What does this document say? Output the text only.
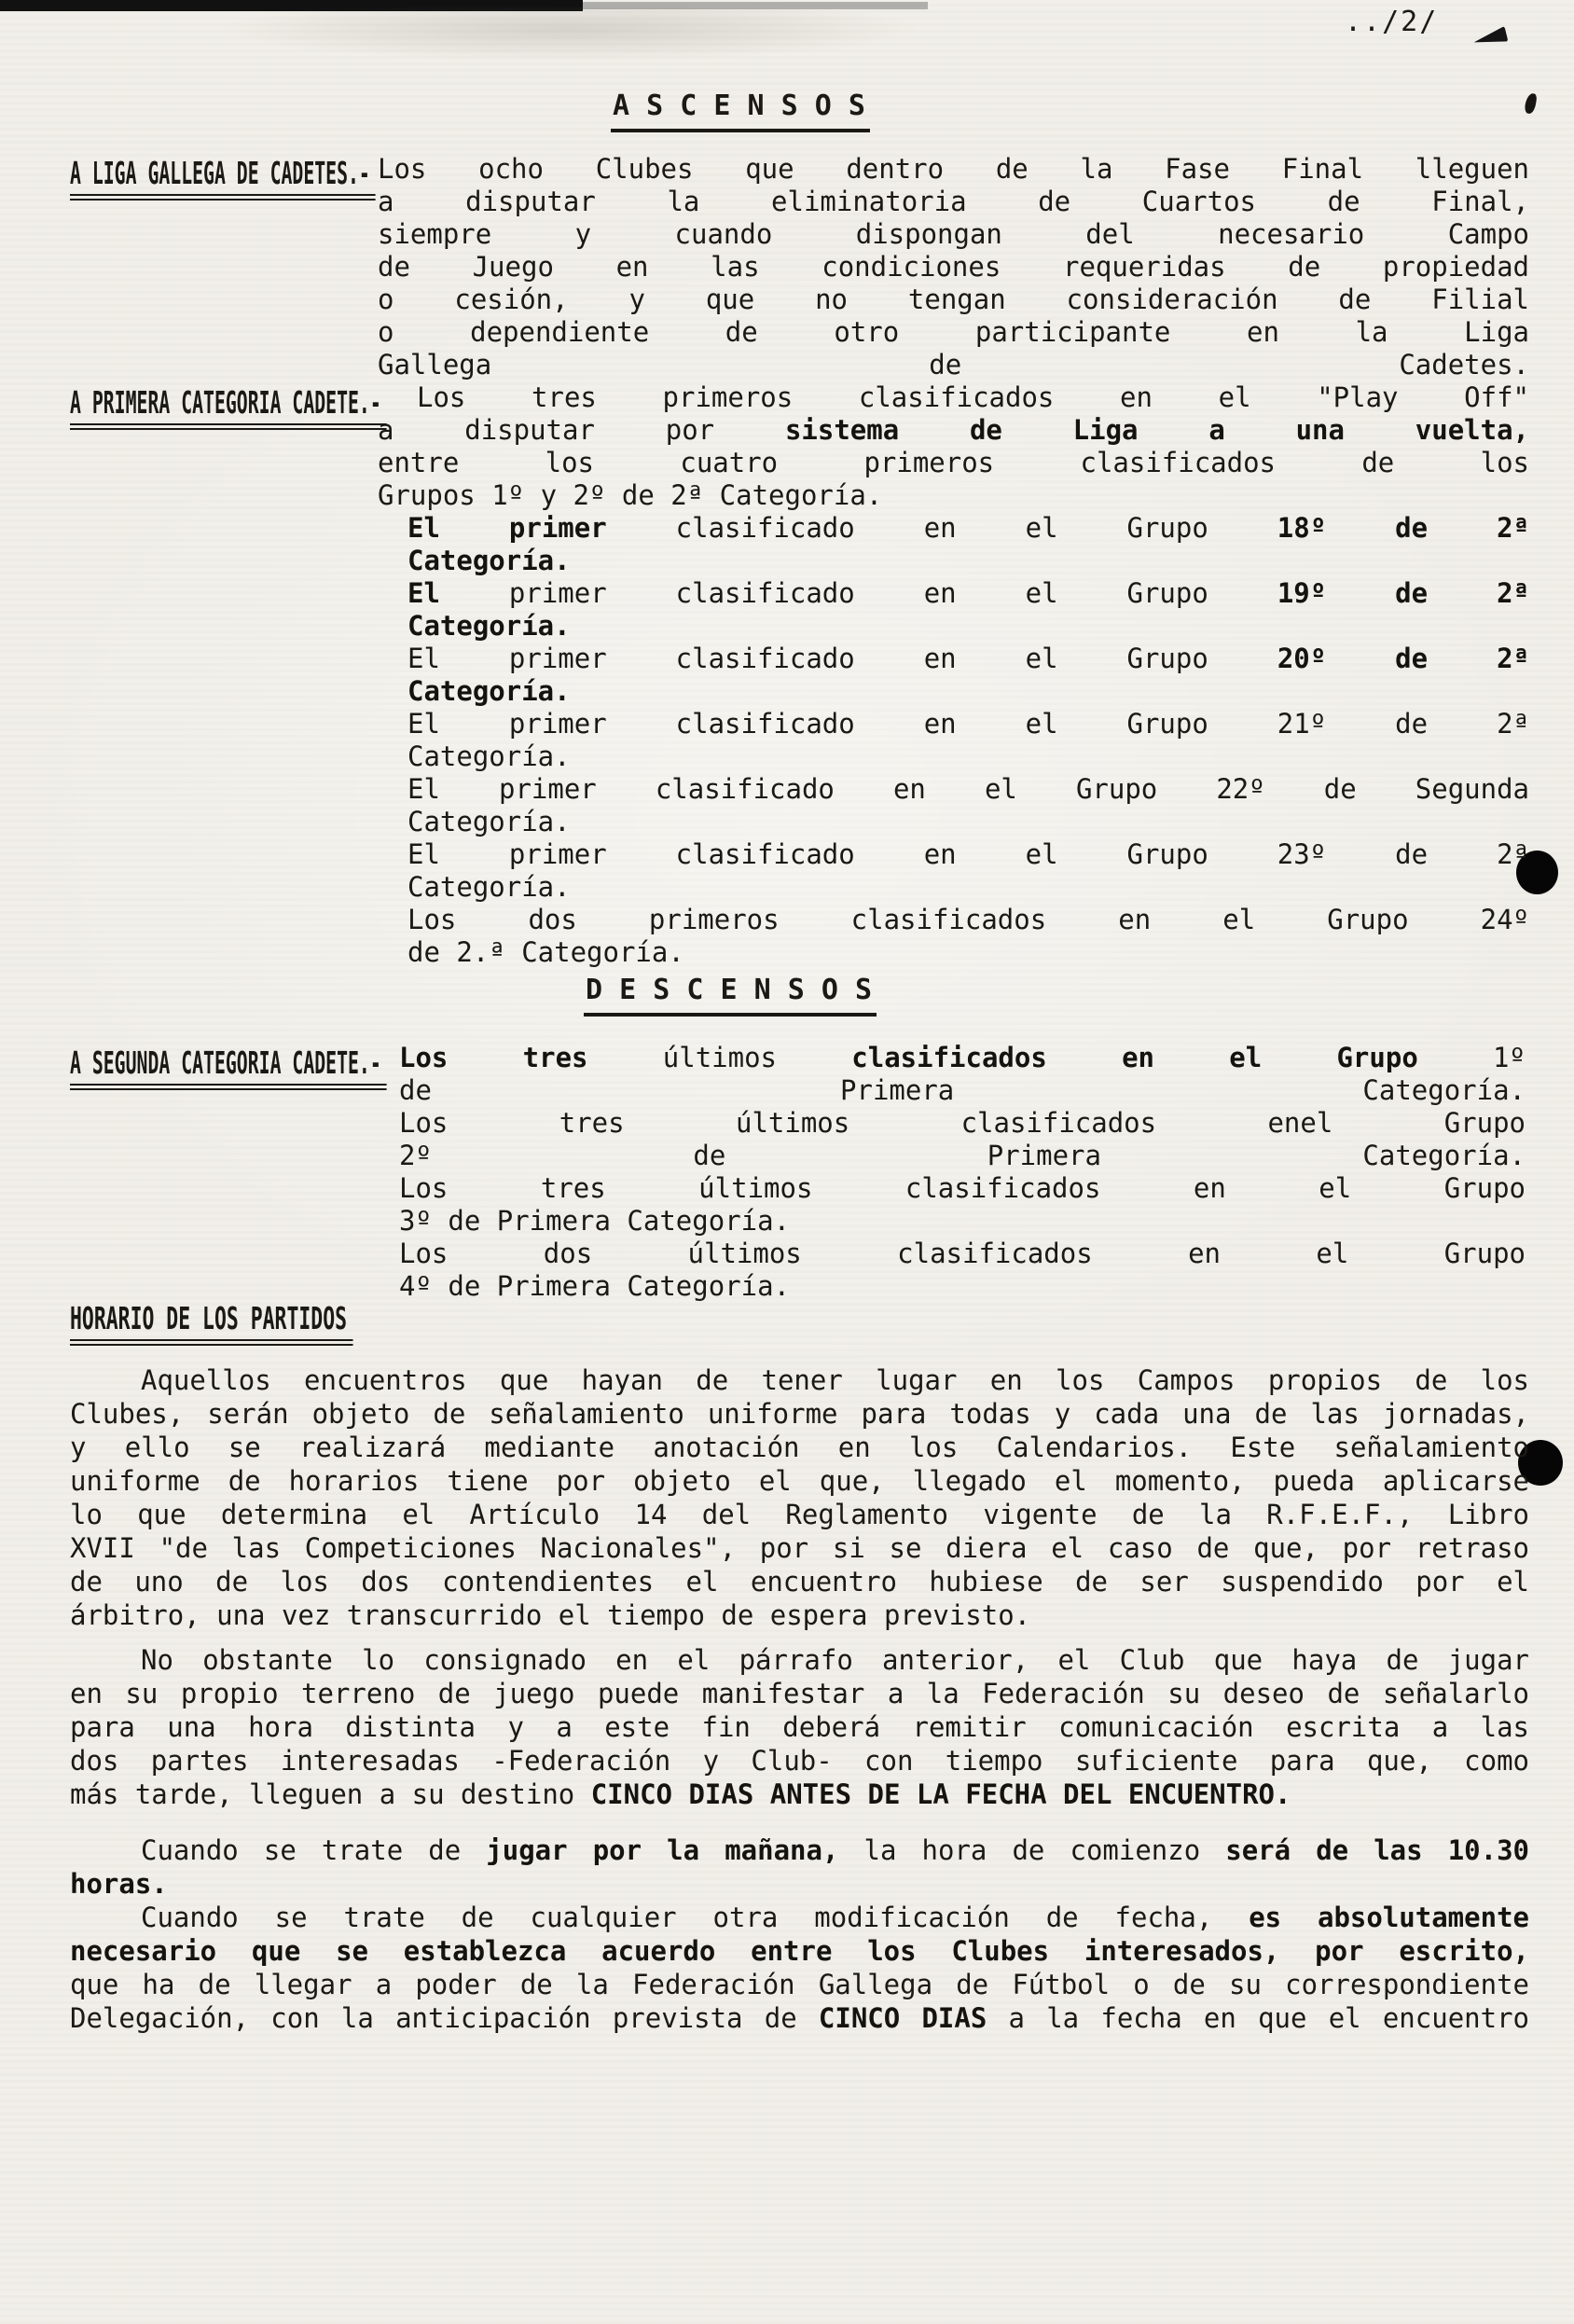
../2/
A S C E N S O S
A LIGA GALLEGA DE CADETES.- Los ocho Clubes que dentro de la Fase Final lleguen
a disputar la eliminatoria de Cuartos de Final,
siempre y cuando dispongan del necesario Campo
de Juego en las condiciones requeridas de propiedad
o cesión, y que no tengan consideración de Filial
o dependiente de otro participante en la Liga
Gallega de Cadetes.
A PRIMERA CATEGORIA CADETE.-	Los tres primeros clasificados en el "Play Off"
a disputar por sistema de Liga a una vuelta,
entre los cuatro primeros clasificados de los
Grupos 1º y 2º de 2ª Categoría.
El primer clasificado en el Grupo 18º de 2ª
Categoría.
El primer clasificado en el Grupo 19º de 2ª
Categoría.
El primer clasificado en el Grupo 20º de 2ª
Categoría.
El primer clasificado en el Grupo 21º de 2ª
Categoría.
El primer clasificado en el Grupo 22º de Segunda
Categoría.
El primer clasificado en el Grupo 23º de 2ª
Categoría.
Los dos primeros clasificados en el Grupo 24º
de 2.ª Categoría.
D E S C E N S O S
A SEGUNDA CATEGORIA CADETE.- Los tres últimos clasificados en el Grupo 1º
de Primera Categoría.
Los tres últimos clasificados enel Grupo
2º de Primera Categoría.
Los tres últimos clasificados en el Grupo
3º de Primera Categoría.
Los dos últimos clasificados en el Grupo
4º de Primera Categoría.
HORARIO DE LOS PARTIDOS
Aquellos encuentros que hayan de tener lugar en los Campos propios de los
Clubes, serán objeto de señalamiento uniforme para todas y cada una de las jornadas,
y ello se realizará mediante anotación en los Calendarios. Este señalamiento
uniforme de horarios tiene por objeto el que, llegado el momento, pueda aplicarse
lo que determina el Artículo 14 del Reglamento vigente de la R.F.E.F., Libro
XVII "de las Competiciones Nacionales", por si se diera el caso de que, por retraso
de uno de los dos contendientes el encuentro hubiese de ser suspendido por el
árbitro, una vez transcurrido el tiempo de espera previsto.
No obstante lo consignado en el párrafo anterior, el Club que haya de jugar
en su propio terreno de juego puede manifestar a la Federación su deseo de señalarlo
para una hora distinta y a este fin deberá remitir comunicación escrita a las
dos partes interesadas -Federación y Club- con tiempo suficiente para que, como
más tarde, lleguen a su destino CINCO DIAS ANTES DE LA FECHA DEL ENCUENTRO.
Cuando se trate de jugar por la mañana, la hora de comienzo será de las 10.30
horas.
Cuando se trate de cualquier otra modificación de fecha, es absolutamente
necesario que se establezca acuerdo entre los Clubes interesados, por escrito,
que ha de llegar a poder de la Federación Gallega de Fútbol o de su correspondiente
Delegación, con la anticipación prevista de CINCO DIAS a la fecha en que el encuentro
